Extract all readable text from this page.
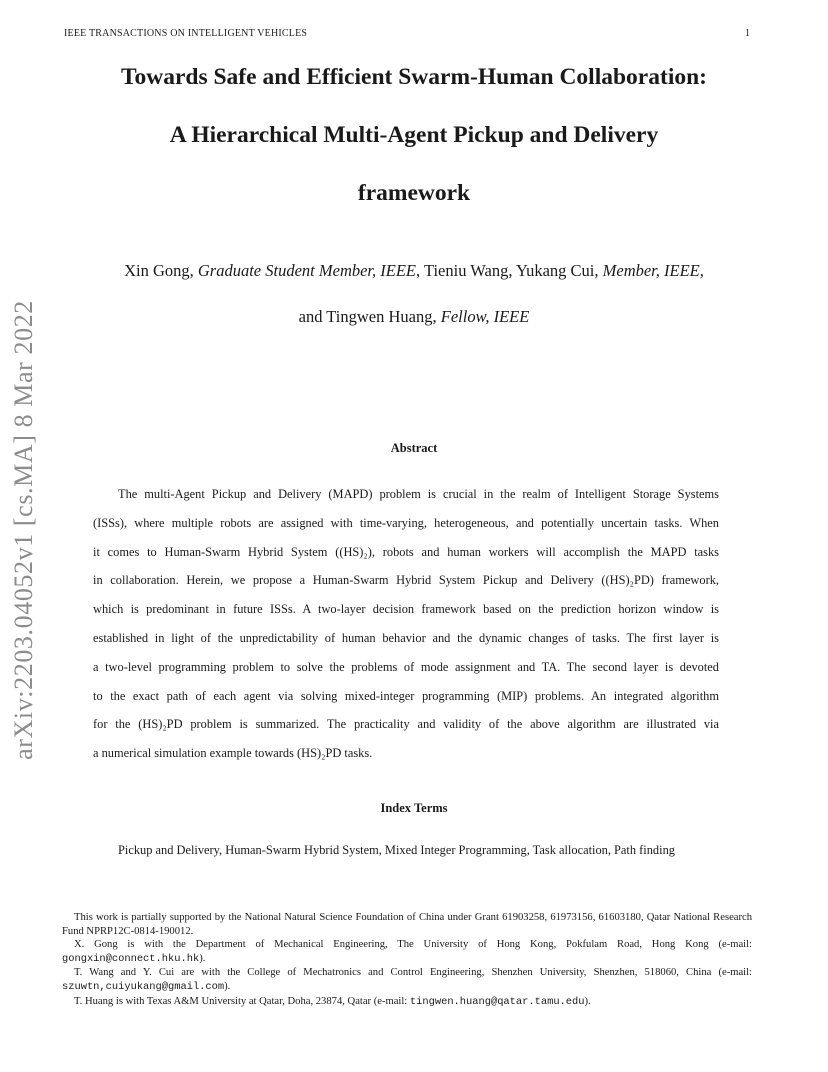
IEEE TRANSACTIONS ON INTELLIGENT VEHICLES	1
Towards Safe and Efficient Swarm-Human Collaboration:
A Hierarchical Multi-Agent Pickup and Delivery
framework
Xin Gong, Graduate Student Member, IEEE, Tieniu Wang, Yukang Cui, Member, IEEE,
and Tingwen Huang, Fellow, IEEE
arXiv:2203.04052v1 [cs.MA] 8 Mar 2022	Abstract
The multi-Agent Pickup and Delivery (MAPD) problem is crucial in the realm of Intelligent Storage Systems
(ISSs), where multiple robots are assigned with time-varying, heterogeneous, and potentially uncertain tasks. When
it comes to Human-Swarm Hybrid System ((HS)₂), robots and human workers will accomplish the MAPD tasks
in collaboration. Herein, we propose a Human-Swarm Hybrid System Pickup and Delivery ((HS)₂PD) framework,
which is predominant in future ISSs. A two-layer decision framework based on the prediction horizon window is
established in light of the unpredictability of human behavior and the dynamic changes of tasks. The first layer is
a two-level programming problem to solve the problems of mode assignment and TA. The second layer is devoted
to the exact path of each agent via solving mixed-integer programming (MIP) problems. An integrated algorithm
for the (HS)₂PD problem is summarized. The practicality and validity of the above algorithm are illustrated via
a numerical simulation example towards (HS)₂PD tasks.
Index Terms
Pickup and Delivery, Human-Swarm Hybrid System, Mixed Integer Programming, Task allocation, Path finding

This work is partially supported by the National Natural Science Foundation of China under Grant 61903258, 61973156, 61603180, Qatar National Research Fund NPRP12C-0814-190012.

X. Gong is with the Department of Mechanical Engineering, The University of Hong Kong, Pokfulam Road, Hong Kong (e-mail: gongxin@connect.hku.hk).

T. Wang and Y. Cui are with the College of Mechatronics and Control Engineering, Shenzhen University, Shenzhen, 518060, China (e-mail: szuwtn,cuiyukang@gmail.com).

T. Huang is with Texas A&M University at Qatar, Doha, 23874, Qatar (e-mail: tingwen.huang@qatar.tamu.edu).
